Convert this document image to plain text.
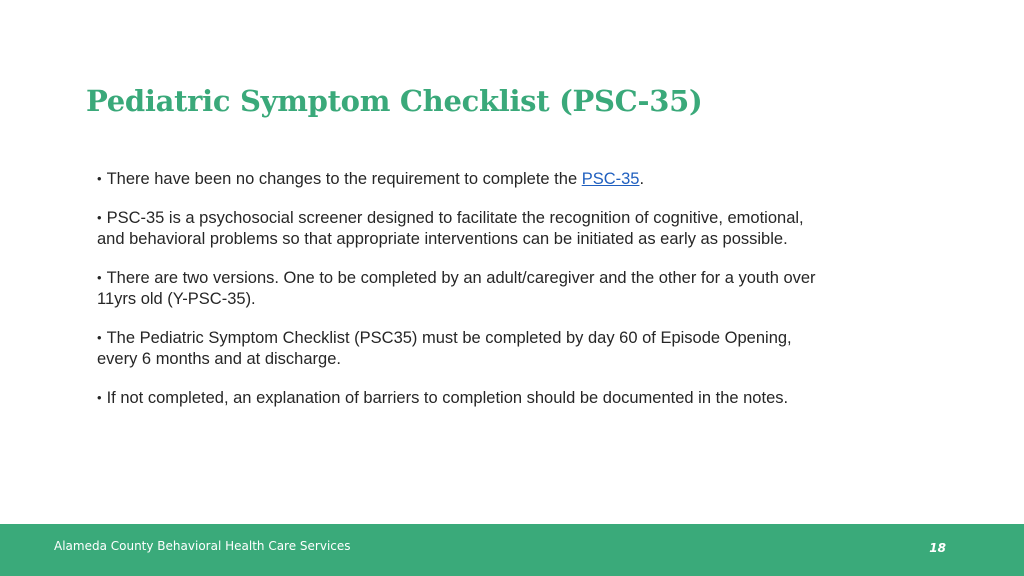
Pediatric Symptom Checklist (PSC-35)
• There have been no changes to the requirement to complete the PSC-35.
• PSC-35 is a psychosocial screener designed to facilitate the recognition of cognitive, emotional, and behavioral problems so that appropriate interventions can be initiated as early as possible.
• There are two versions. One to be completed by an adult/caregiver and the other for a youth over 11yrs old (Y-PSC-35).
• The Pediatric Symptom Checklist (PSC35) must be completed by day 60 of Episode Opening, every 6 months and at discharge.
• If not completed, an explanation of barriers to completion should be documented in the notes.
Alameda County Behavioral Health Care Services	18
